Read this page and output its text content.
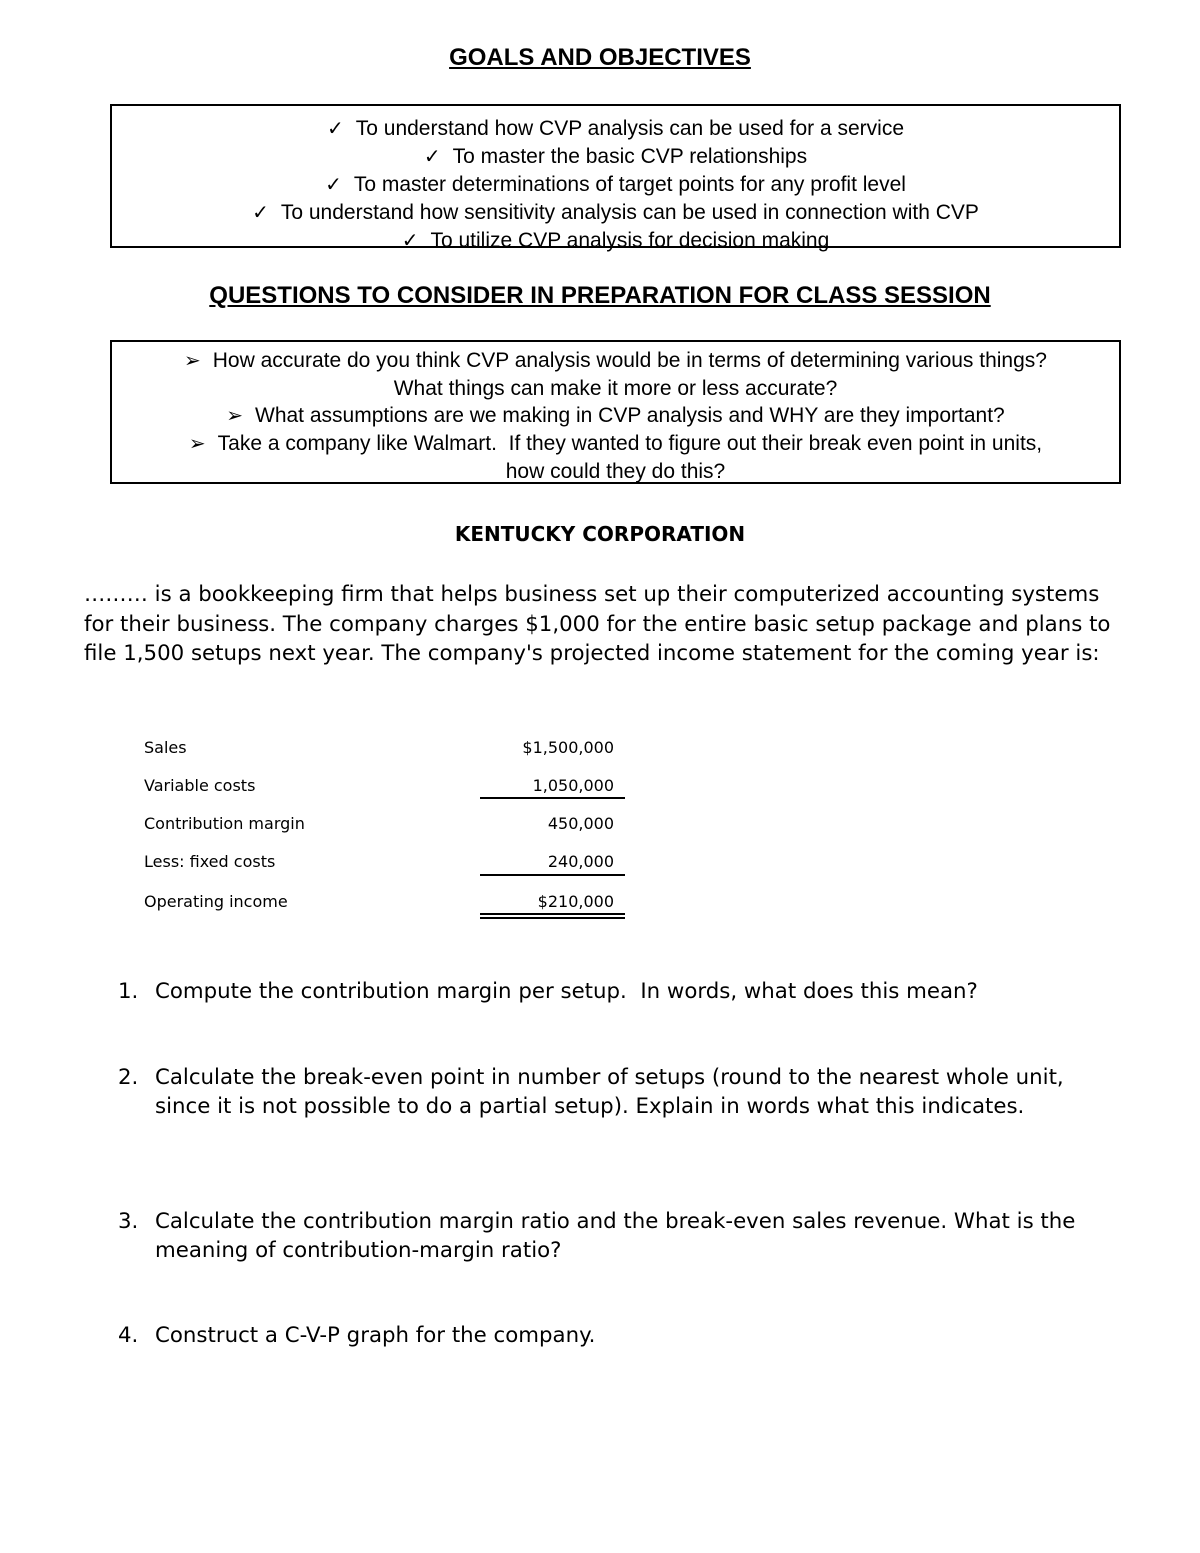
GOALS AND OBJECTIVES
✓ To understand how CVP analysis can be used for a service
✓ To master the basic CVP relationships
✓ To master determinations of target points for any profit level
✓ To understand how sensitivity analysis can be used in connection with CVP
✓ To utilize CVP analysis for decision making
QUESTIONS TO CONSIDER IN PREPARATION FOR CLASS SESSION
➢ How accurate do you think CVP analysis would be in terms of determining various things?
What things can make it more or less accurate?
➢ What assumptions are we making in CVP analysis and WHY are they important?
➢ Take a company like Walmart.  If they wanted to figure out their break even point in units,
how could they do this?
KENTUCKY CORPORATION

……… is a bookkeeping firm that helps business set up their computerized accounting systems for their business. The company charges $1,000 for the entire basic setup package and plans to file 1,500 setups next year. The company's projected income statement for the coming year is:

Sales	$1,500,000
Variable costs	1,050,000
Contribution margin	450,000
Less: fixed costs	240,000
Operating income	$210,000
1. Compute the contribution margin per setup.  In words, what does this mean?
2. Calculate the break-even point in number of setups (round to the nearest whole unit, since it is not possible to do a partial setup). Explain in words what this indicates.
3. Calculate the contribution margin ratio and the break-even sales revenue. What is the meaning of contribution-margin ratio?
4. Construct a C-V-P graph for the company.
